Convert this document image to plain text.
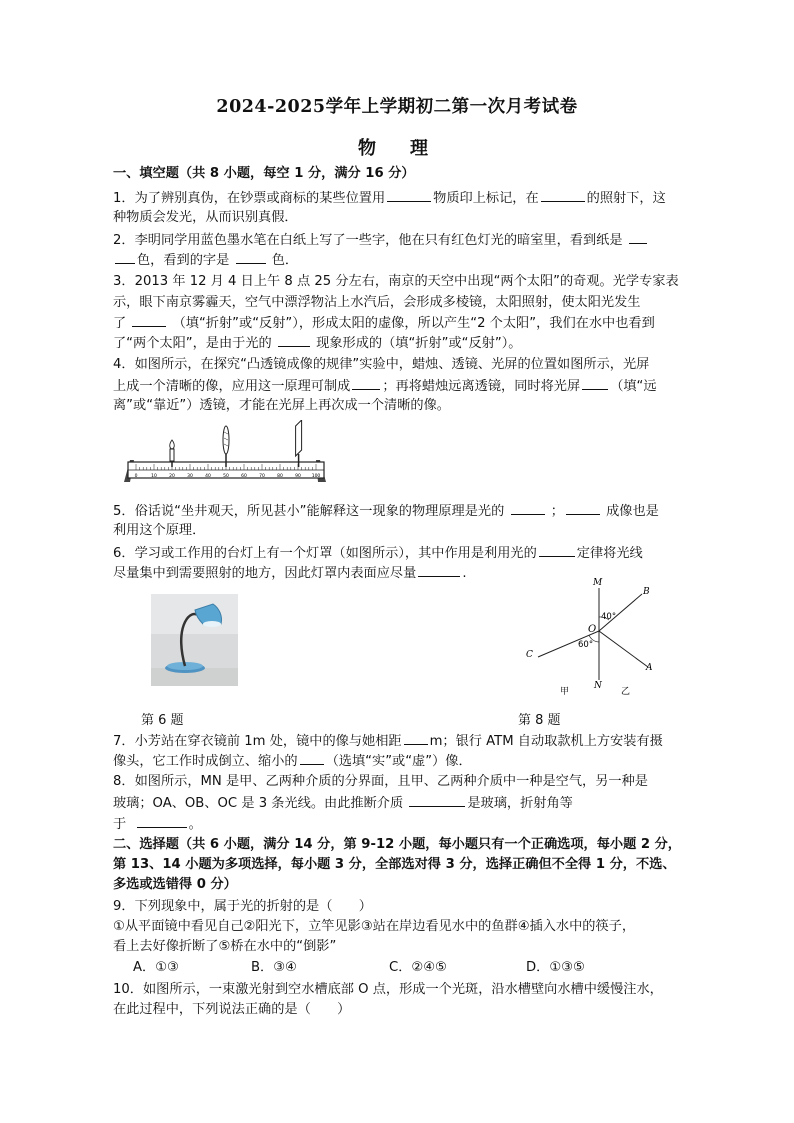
2024-2025学年上学期初二第一次月考试卷
物　理
一、填空题（共 8 小题，每空 1 分，满分 16 分）
1．为了辨别真伪，在钞票或商标的某些位置用	物质印上标记，在	的照射下，这
种物质会发光，从而识别真假．
2．李明同学用蓝色墨水笔在白纸上写了一些字，他在只有红色灯光的暗室里，看到纸是
色，看到的字是	色．
3．2013 年 12 月 4 日上午 8 点 25 分左右，南京的天空中出现“两个太阳”的奇观。光学专家表
示，眼下南京雾霾天，空气中漂浮物沾上水汽后，会形成多棱镜，太阳照射，使太阳光发生
了	（填“折射”或“反射”），形成太阳的虚像，所以产生“2 个太阳”，我们在水中也看到
了“两个太阳”，是由于光的	现象形成的（填“折射”或“反射”）。
4．如图所示，在探究“凸透镜成像的规律”实验中，蜡烛、透镜、光屏的位置如图所示，光屏
上成一个清晰的像，应用这一原理可制成 ；再将蜡烛远离透镜，同时将光屏 （填“远
离”或“靠近”）透镜，才能在光屏上再次成一个清晰的像。
0	10	20	30	40	50	60	70	80	90 100
5．俗话说“坐井观天，所见甚小”能解释这一现象的物理原理是光的	；	成像也是
利用这个原理．
6．学习或工作用的台灯上有一个灯罩（如图所示），其中作用是利用光的	定律将光线
尽量集中到需要照射的地方，因此灯罩内表面应尽量	.
M
N
O
B
A
C
40°
60°
甲	乙
第 6 题	第 8 题
7．小芳站在穿衣镜前 1m 处，镜中的像与她相距 m；银行 ATM 自动取款机上方安装有摄
像头，它工作时成倒立、缩小的 （选填“实”或“虚”）像．
8．如图所示，MN 是甲、乙两种介质的分界面，且甲、乙两种介质中一种是空气，另一种是
玻璃；OA、OB、OC 是 3 条光线。由此推断介质	是玻璃，折射角等
于	。
二、选择题（共 6 小题，满分 14 分，第 9-12 小题，每小题只有一个正确选项，每小题 2 分，
第 13、14 小题为多项选择，每小题 3 分，全部选对得 3 分，选择正确但不全得 1 分，不选、
多选或选错得 0 分）
9．下列现象中，属于光的折射的是（　　）
①从平面镜中看见自己②阳光下，立竿见影③站在岸边看见水中的鱼群④插入水中的筷子，
看上去好像折断了⑤桥在水中的“倒影”
A．①③	B．③④	C．②④⑤	D．①③⑤
10．如图所示，一束激光射到空水槽底部 O 点，形成一个光斑，沿水槽壁向水槽中缓慢注水，
在此过程中，下列说法正确的是（　　）
